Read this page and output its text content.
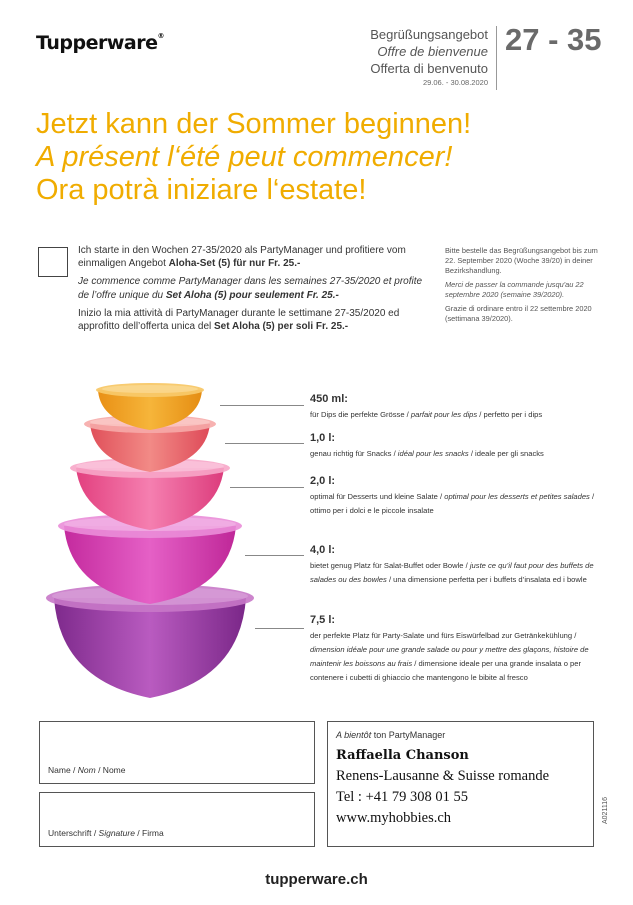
Tupperware®	Begrüßungsangebot
Offre de bienvenue
Offerta di benvenuto
29.06. - 30.08.2020
27 - 35
Jetzt kann der Sommer beginnen!
A présent l‘été peut commencer!
Ora potrà iniziare l‘estate!

Ich starte in den Wochen 27-35/2020 als PartyManager und profitiere vom einmaligen Angebot Aloha-Set (5) für nur Fr. 25.-

Je commence comme PartyManager dans les semaines 27-35/2020 et profite de l’offre unique du Set Aloha (5) pour seulement Fr. 25.-

Inizio la mia attività di PartyManager durante le settimane 27-35/2020 ed approfitto dell’offerta unica del Set Aloha (5) per soli Fr. 25.-

Bitte bestelle das Begrüßungsangebot bis zum 22. September 2020 (Woche 39/20) in deiner Bezirkshandlung.

Merci de passer la commande jusqu'au 22 septembre 2020 (semaine 39/2020).

Grazie di ordinare entro il 22 settembre 2020 (settimana 39/2020).

450 ml:
für Dips die perfekte Grösse / parfait pour les dips / perfetto per i dips
1,0 l:
genau richtig für Snacks / idéal pour les snacks / ideale per gli snacks
2,0 l:
optimal für Desserts und kleine Salate / optimal pour les desserts et petites salades / ottimo per i dolci e le piccole insalate
4,0 l:
bietet genug Platz für Salat-Buffet oder Bowle / juste ce qu’il faut pour des buffets de salades ou des bowles / una dimensione perfetta per i buffets d’insalata ed i bowle
7,5 l:
der perfekte Platz für Party-Salate und fürs Eiswürfelbad zur Getränkekühlung / dimension idéale pour une grande salade ou pour y mettre des glaçons, histoire de maintenir les boissons au frais / dimensione ideale per una grande insalata o per contenere i cubetti di ghiaccio che mantengono le bibite al fresco
Name / Nom / Nome
Unterschrift / Signature / Firma
A bientôt ton PartyManager
Raffaella Chanson
Renens-Lausanne & Suisse romande
Tel : +41 79 308 01 55
www.myhobbies.ch	A021116
tupperware.ch
